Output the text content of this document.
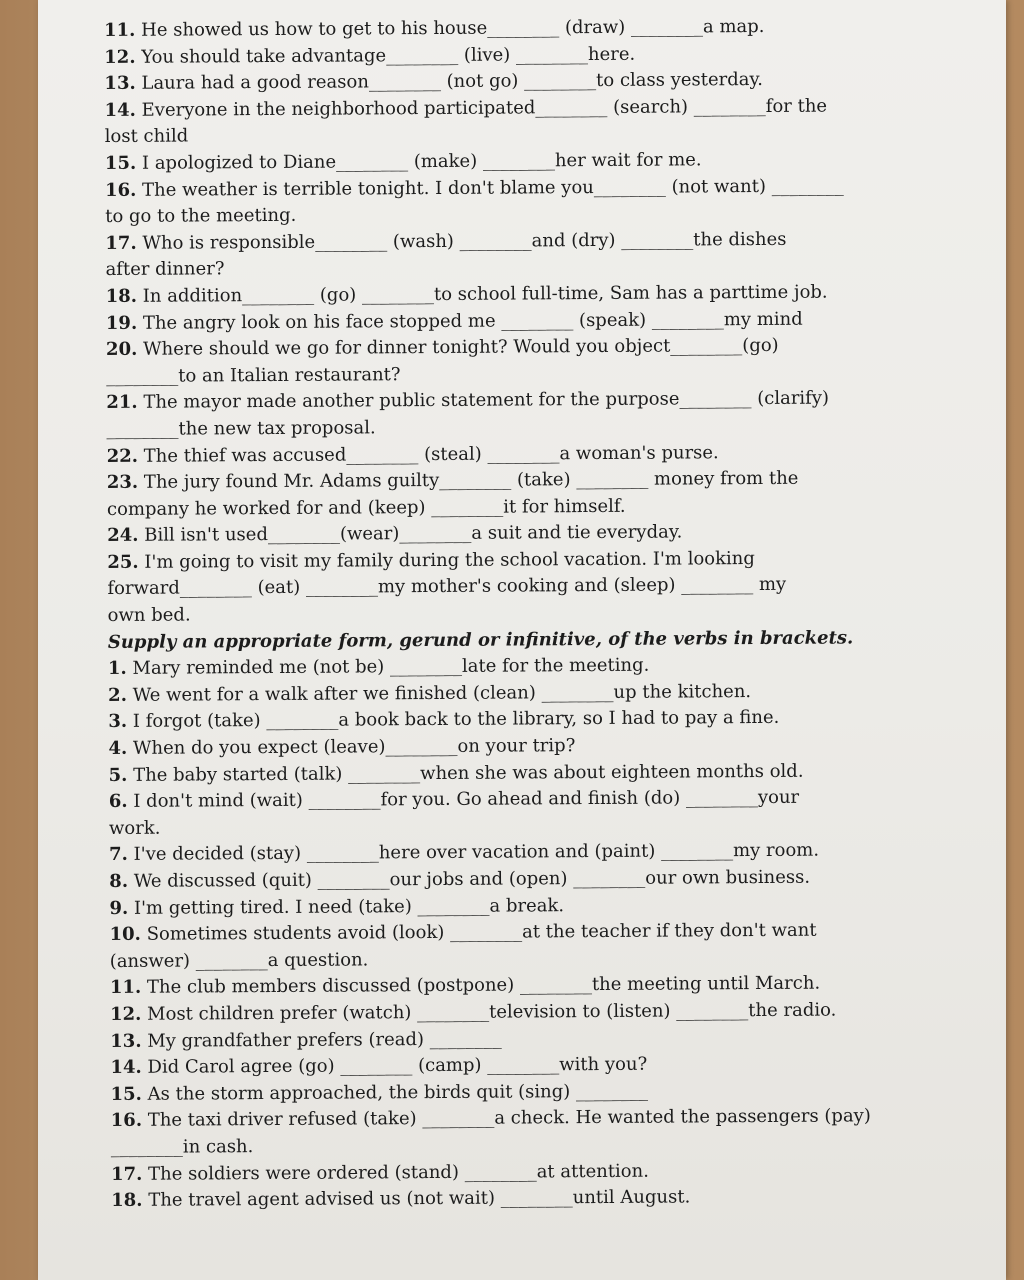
11. He showed us how to get to his house________ (draw) ________a map.
12. You should take advantage________ (live) ________here.
13. Laura had a good reason________ (not go) ________to class yesterday.
14. Everyone in the neighborhood participated________ (search) ________for the
lost child
15. I apologized to Diane________ (make) ________her wait for me.
16. The weather is terrible tonight. I don't blame you________ (not want) ________
to go to the meeting.
17. Who is responsible________ (wash) ________and (dry) ________the dishes
after dinner?
18. In addition________ (go) ________to school full-time, Sam has a parttime job.
19. The angry look on his face stopped me ________ (speak) ________my mind
20. Where should we go for dinner tonight? Would you object________(go)
________to an Italian restaurant?
21. The mayor made another public statement for the purpose________ (clarify)
________the new tax proposal.
22. The thief was accused________ (steal) ________a woman's purse.
23. The jury found Mr. Adams guilty________ (take) ________ money from the
company he worked for and (keep) ________it for himself.
24. Bill isn't used________(wear)________a suit and tie everyday.
25. I'm going to visit my family during the school vacation. I'm looking
forward________ (eat) ________my mother's cooking and (sleep) ________ my
own bed.
Supply an appropriate form, gerund or infinitive, of the verbs in brackets.
1. Mary reminded me (not be) ________late for the meeting.
2. We went for a walk after we finished (clean) ________up the kitchen.
3. I forgot (take) ________a book back to the library, so I had to pay a fine.
4. When do you expect (leave)________on your trip?
5. The baby started (talk) ________when she was about eighteen months old.
6. I don't mind (wait) ________for you. Go ahead and finish (do) ________your
work.
7. I've decided (stay) ________here over vacation and (paint) ________my room.
8. We discussed (quit) ________our jobs and (open) ________our own business.
9. I'm getting tired. I need (take) ________a break.
10. Sometimes students avoid (look) ________at the teacher if they don't want
(answer) ________a question.
11. The club members discussed (postpone) ________the meeting until March.
12. Most children prefer (watch) ________television to (listen) ________the radio.
13. My grandfather prefers (read) ________
14. Did Carol agree (go) ________ (camp) ________with you?
15. As the storm approached, the birds quit (sing) ________
16. The taxi driver refused (take) ________a check. He wanted the passengers (pay)
________in cash.
17. The soldiers were ordered (stand) ________at attention.
18. The travel agent advised us (not wait) ________until August.
